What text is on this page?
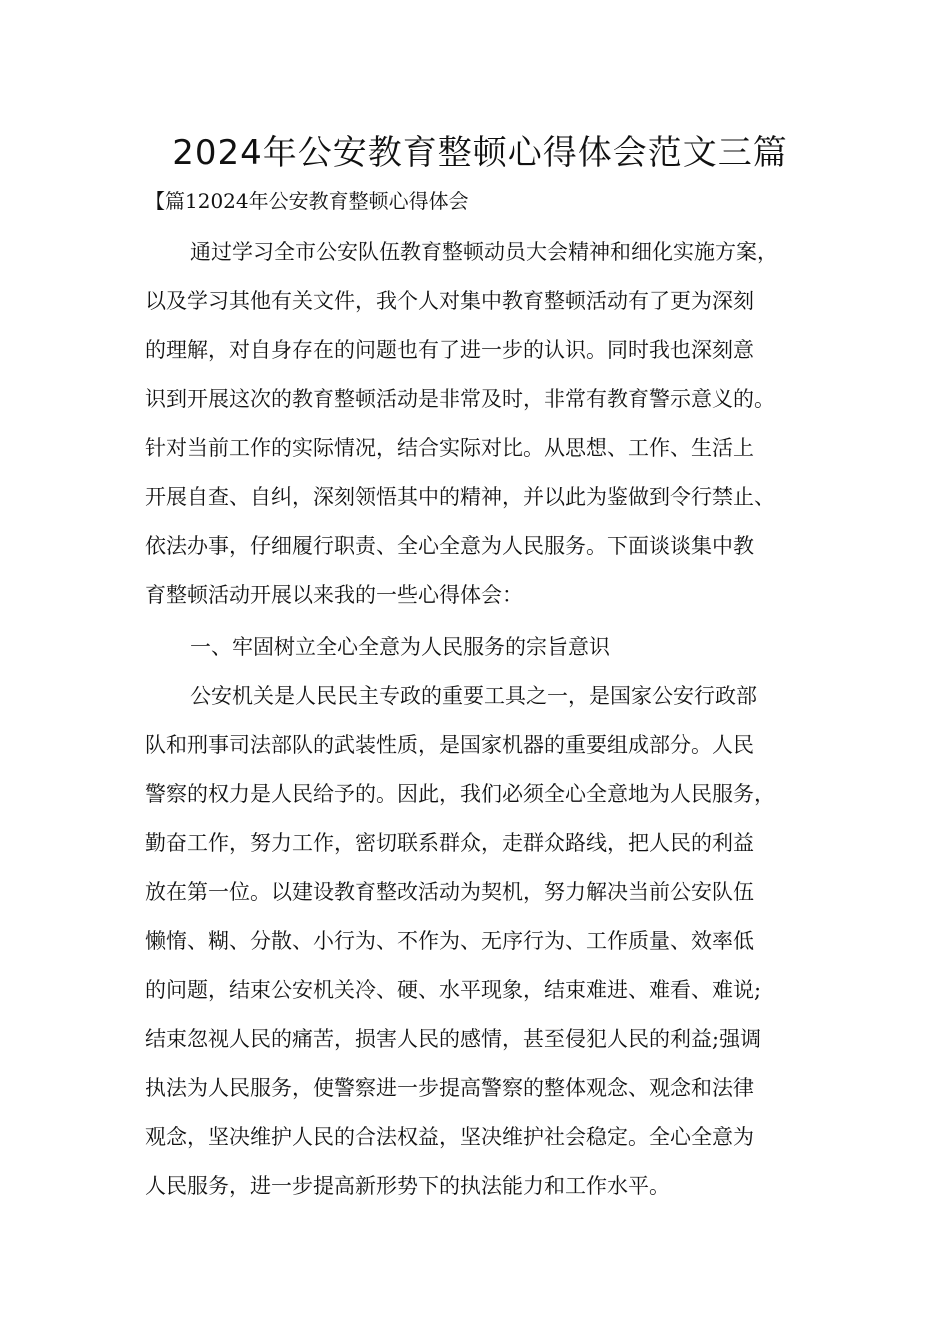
2024年公安教育整顿心得体会范文三篇
【篇12024年公安教育整顿心得体会
通过学习全市公安队伍教育整顿动员大会精神和细化实施方案，
以及学习其他有关文件，我个人对集中教育整顿活动有了更为深刻
的理解，对自身存在的问题也有了进一步的认识。同时我也深刻意
识到开展这次的教育整顿活动是非常及时，非常有教育警示意义的。
针对当前工作的实际情况，结合实际对比。从思想、工作、生活上
开展自查、自纠，深刻领悟其中的精神，并以此为鉴做到令行禁止、
依法办事，仔细履行职责、全心全意为人民服务。下面谈谈集中教
育整顿活动开展以来我的一些心得体会：
一、牢固树立全心全意为人民服务的宗旨意识
公安机关是人民民主专政的重要工具之一，是国家公安行政部
队和刑事司法部队的武装性质，是国家机器的重要组成部分。人民
警察的权力是人民给予的。因此，我们必须全心全意地为人民服务，
勤奋工作，努力工作，密切联系群众，走群众路线，把人民的利益
放在第一位。以建设教育整改活动为契机，努力解决当前公安队伍
懒惰、糊、分散、小行为、不作为、无序行为、工作质量、效率低
的问题，结束公安机关冷、硬、水平现象，结束难进、难看、难说;
结束忽视人民的痛苦，损害人民的感情，甚至侵犯人民的利益;强调
执法为人民服务，使警察进一步提高警察的整体观念、观念和法律
观念，坚决维护人民的合法权益，坚决维护社会稳定。全心全意为
人民服务，进一步提高新形势下的执法能力和工作水平。
